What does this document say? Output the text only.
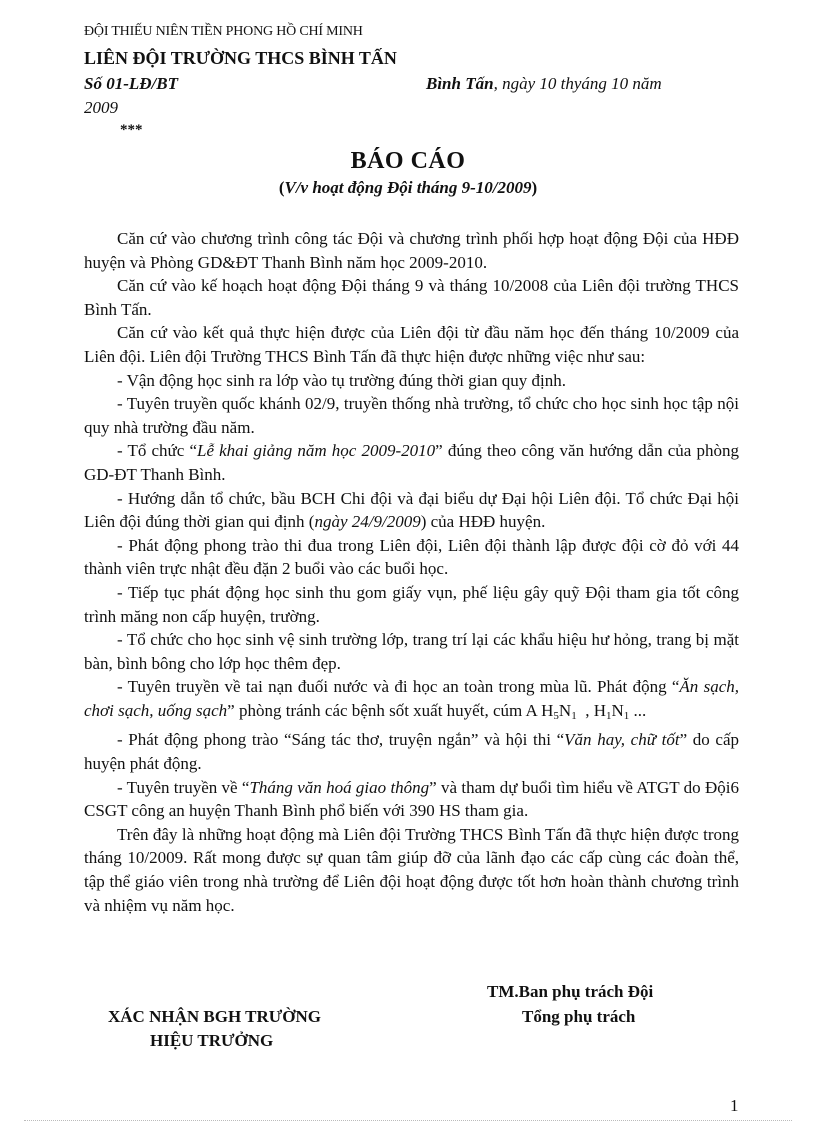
ĐỘI THIẾU NIÊN TIỀN PHONG HỒ CHÍ MINH
LIÊN ĐỘI TRƯỜNG THCS BÌNH TẤN
Số 01-LĐ/BT	Bình Tấn, ngày 10 thyáng 10 năm
2009
***
BÁO CÁO
(V/v hoạt động Đội tháng 9-10/2009)

Căn cứ vào chương trình công tác Đội và chương trình phối hợp hoạt động Đội của HĐĐ huyện và Phòng GD&ĐT Thanh Bình năm học 2009-2010.

Căn cứ vào kế hoạch hoạt động Đội tháng 9 và tháng 10/2008 của Liên đội trường THCS Bình Tấn.

Căn cứ vào kết quả thực hiện được của Liên đội từ đầu năm học đến tháng 10/2009 của Liên đội. Liên đội Trường THCS Bình Tấn đã thực hiện được những việc như sau:

- Vận động học sinh ra lớp vào tụ trường đúng thời gian quy định.

- Tuyên truyền quốc khánh 02/9, truyền thống nhà trường, tổ chức cho học sinh học tập nội quy nhà trường đầu năm.

- Tổ chức “Lễ khai giảng năm học 2009-2010” đúng theo công văn hướng dẫn của phòng GD-ĐT Thanh Bình.

- Hướng dẫn tổ chức, bầu BCH Chi đội và đại biểu dự Đại hội Liên đội. Tổ chức Đại hội Liên đội đúng thời gian qui định (ngày 24/9/2009) của HĐĐ huyện.

- Phát động phong trào thi đua trong Liên đội, Liên đội thành lập được đội cờ đỏ với 44 thành viên trực nhật đều đặn 2 buổi vào các buổi học.

- Tiếp tục phát động học sinh thu gom giấy vụn, phế liệu gây quỹ Đội tham gia tốt công trình măng non cấp huyện, trường.

- Tổ chức cho học sinh vệ sinh trường lớp, trang trí lại các khẩu hiệu hư hỏng, trang bị mặt bàn, bình bông cho lớp học thêm đẹp.

- Tuyên truyền về tai nạn đuối nước và đi học an toàn trong mùa lũ. Phát động “Ăn sạch, chơi sạch, uống sạch” phòng tránh các bệnh sốt xuất huyết, cúm A $H_5N_1$  , $H_1N_1$ ...

- Phát động phong trào “Sáng tác thơ, truyện ngắn” và hội thi “Văn hay, chữ tốt” do cấp huyện phát động.

- Tuyên truyền về “Tháng văn hoá giao thông” và tham dự buổi tìm hiểu về ATGT do Đội6 CSGT công an huyện Thanh Bình phổ biến với 390 HS tham gia.

Trên đây là những hoạt động mà Liên đội Trường THCS Bình Tấn đã thực hiện được trong tháng 10/2009. Rất mong được sự quan tâm giúp đỡ của lãnh đạo các cấp cùng các đoàn thể, tập thể giáo viên trong nhà trường để Liên đội hoạt động được tốt hơn hoàn thành chương trình và nhiệm vụ năm học.

TM.Ban phụ trách Đội
Tổng phụ trách
XÁC NHẬN BGH TRƯỜNG
HIỆU TRƯỞNG
1
